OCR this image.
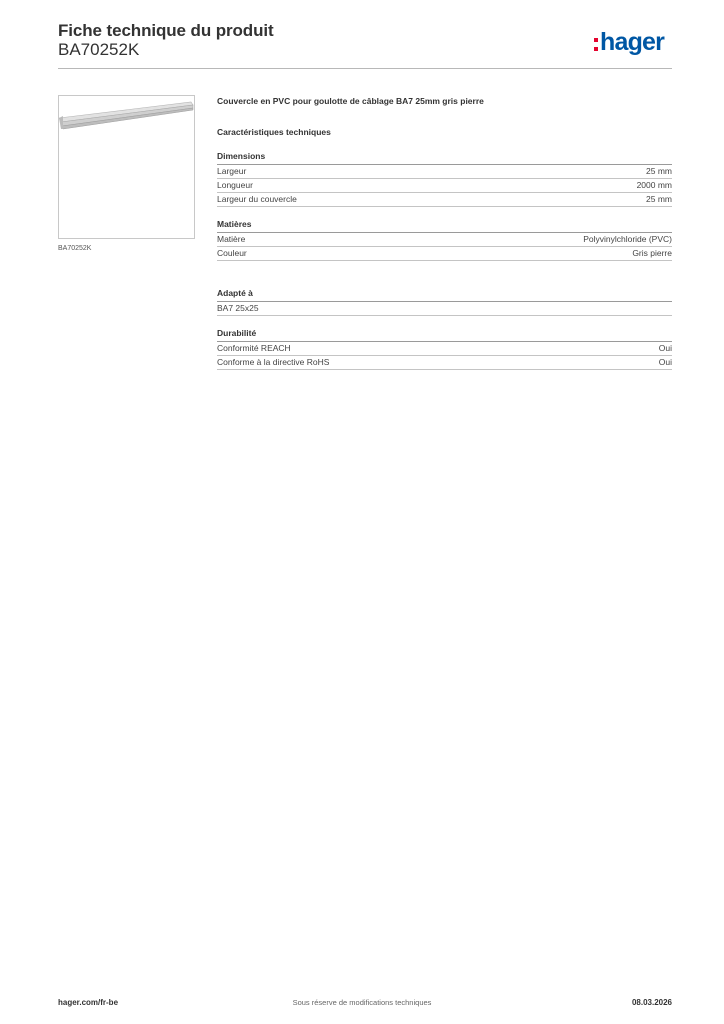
Fiche technique du produit
BA70252K	hager
BA70252K
Couvercle en PVC pour goulotte de câblage BA7 25mm gris pierre
Caractéristiques techniques
Dimensions
Largeur	25 mm
Longueur	2000 mm
Largeur du couvercle	25 mm
Matières
Matière	Polyvinylchloride (PVC)
Couleur	Gris pierre
Adapté à
BA7 25x25
Durabilité
Conformité REACH	Oui
Conforme à la directive RoHS	Oui
Sous réserve de modifications techniques
hager.com/fr-be	08.03.2026
